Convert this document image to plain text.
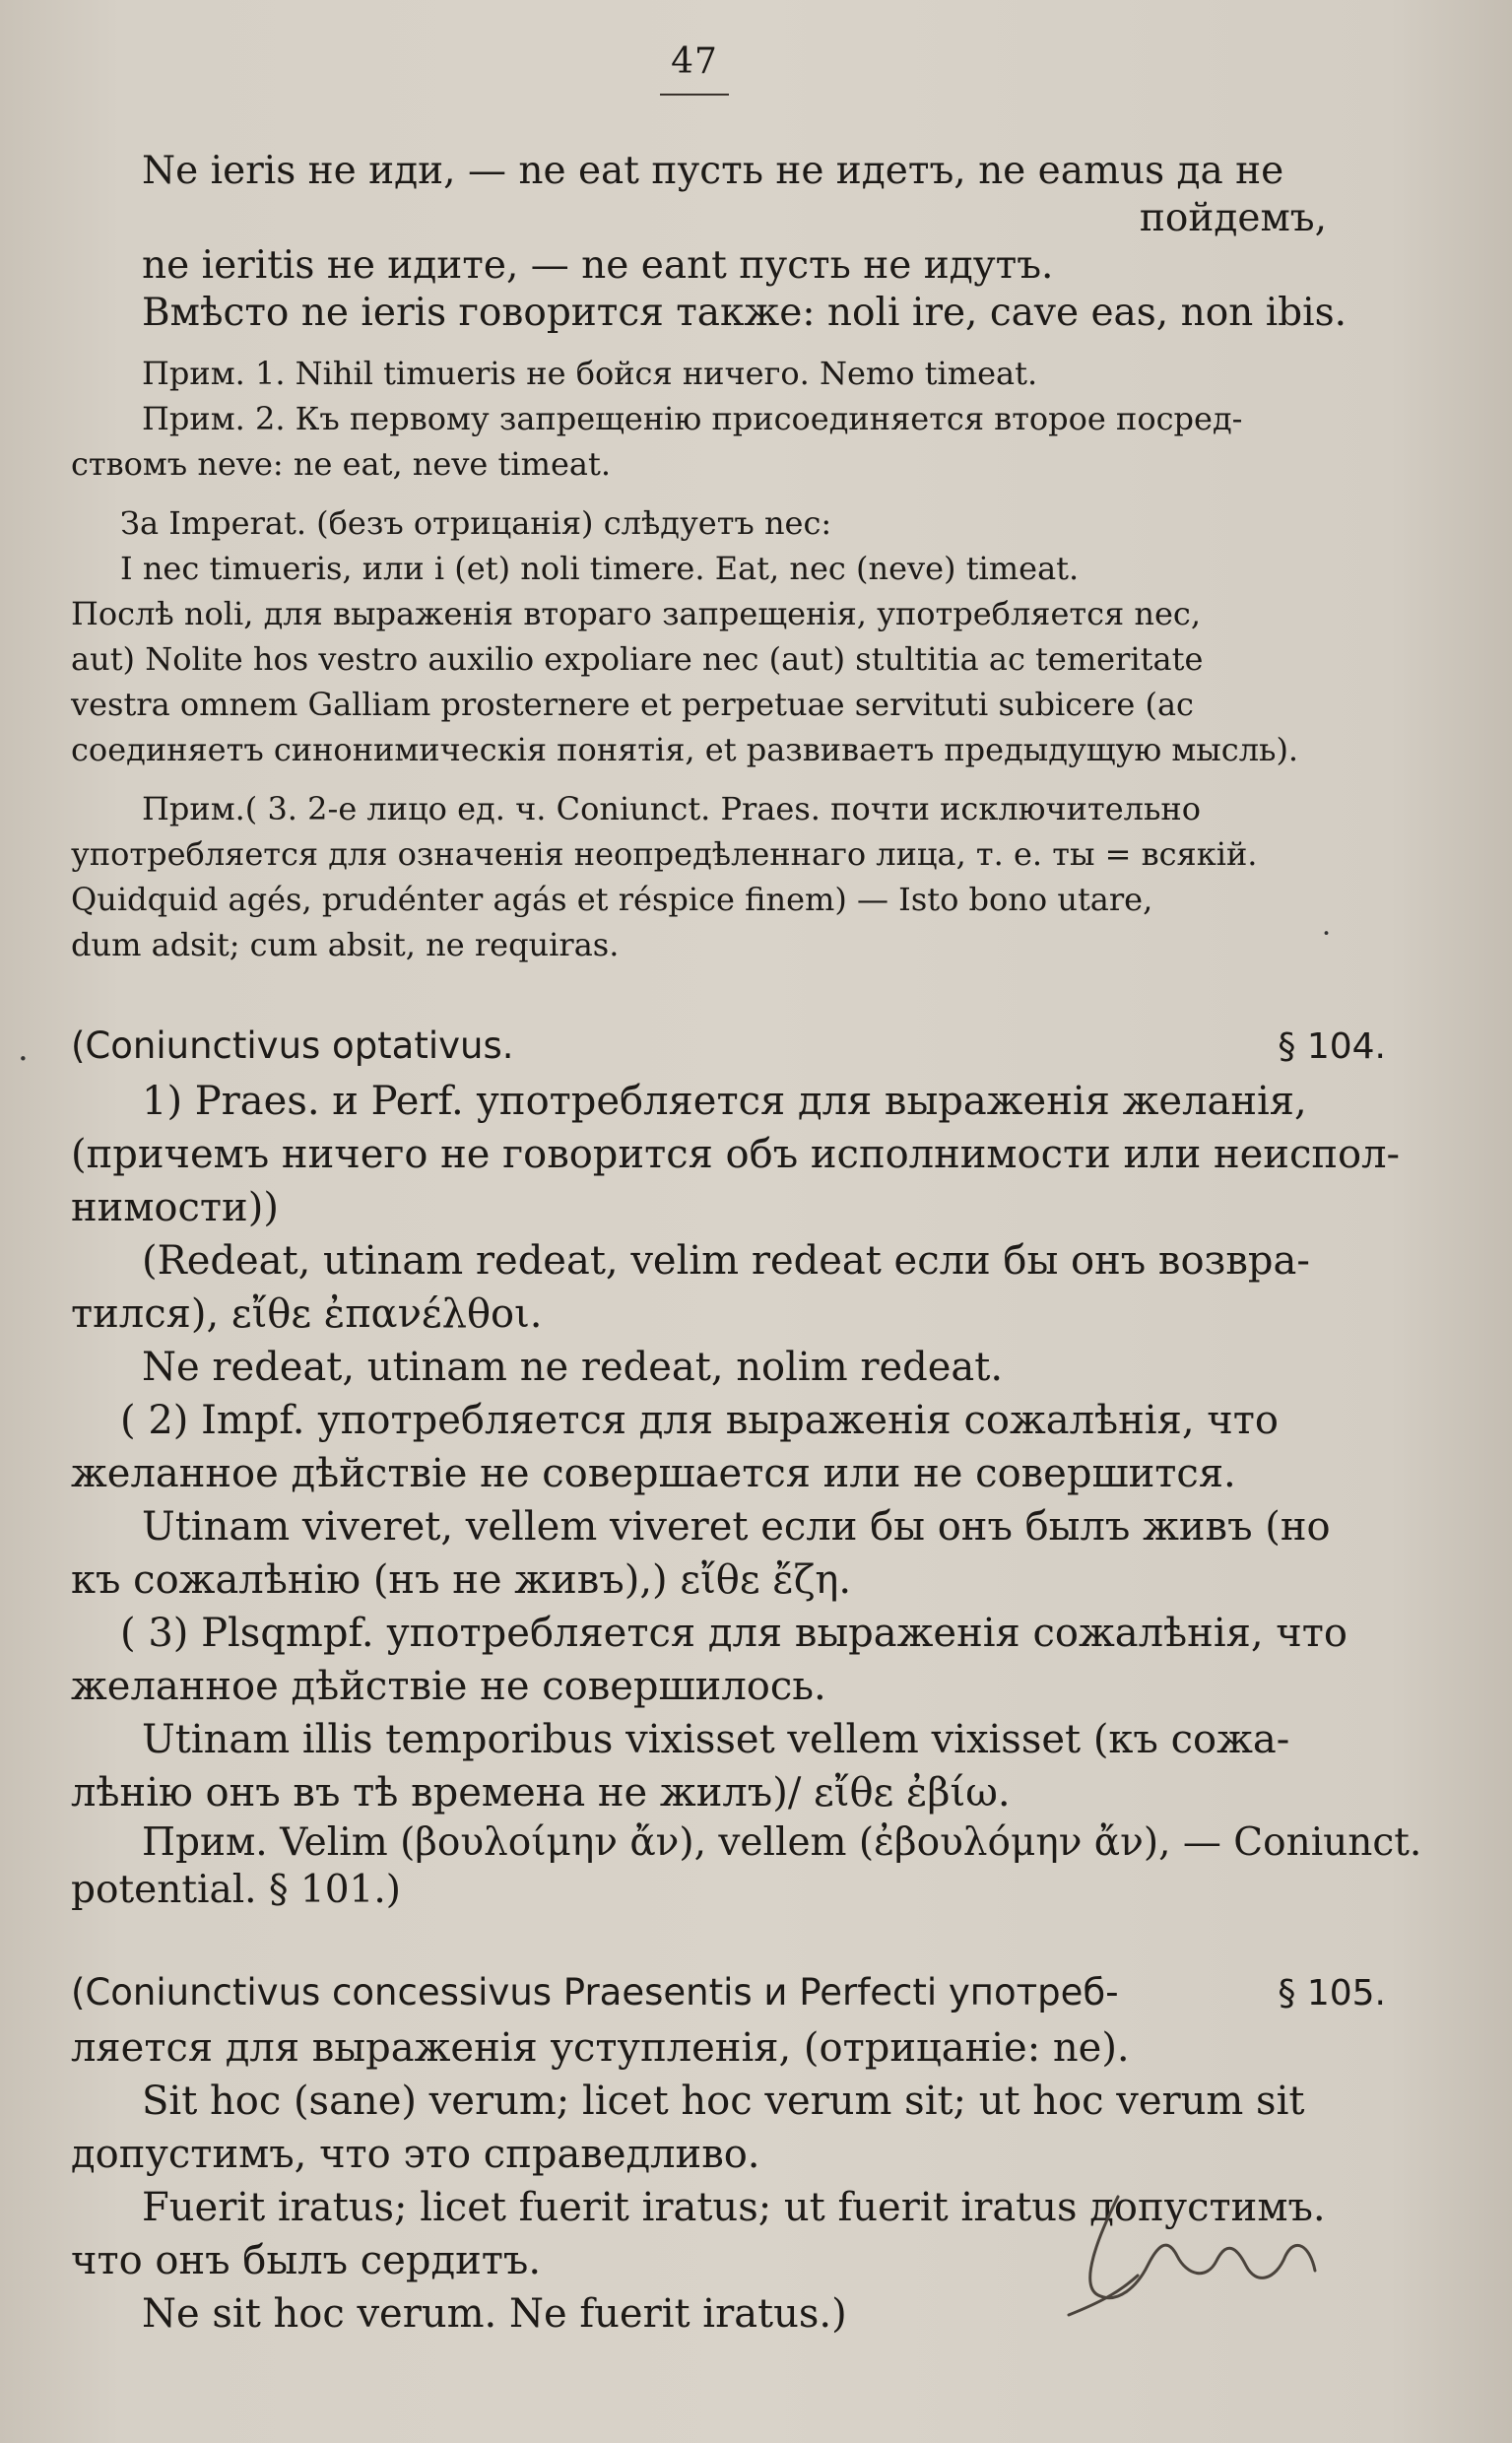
47

Ne ieris не иди, — ne eat пусть не идетъ, ne eamus да не

пойдемъ,

ne ieritis не идите, — ne eant пусть не идутъ.

Вмѣсто ne ieris говорится также: noli ire, cave eas, non ibis.

Прим. 1. Nihil timueris не бойся ничего. Nemo timeat.

Прим. 2. Къ первому запрещенію присоединяется второе посред-

ствомъ neve: ne eat, neve timeat.

За Imperat. (безъ отрицанія) слѣдуетъ nec:

I nec timueris, или i (et) noli timere. Eat, nec (neve) timeat.

Послѣ noli, для выраженія втораго запрещенія, употребляется nec,

aut) Nolite hos vestro auxilio expoliare nec (aut) stultitia ac temeritate

vestra omnem Galliam prosternere et perpetuae servituti subicere (ac

соединяетъ синонимическія понятія, et развиваетъ предыдущую мысль).

Прим.( 3. 2-е лицо ед. ч. Coniunct. Praes. почти исключительно

употребляется для означенія неопредѣленнаго лица, т. е. ты = всякій.

Quidquid agés, prudénter agás et réspice finem) — Isto bono utare,

dum adsit; cum absit, ne requiras.

(Coniunctivus optativus.	§ 104.

1) Praes. и Perf. употребляется для выраженія желанія,

(причемъ ничего не говорится объ исполнимости или неиспол-

нимости))

(Redeat, utinam redeat, velim redeat если бы онъ возвра-

тился), εἴθε ἐπανέλθοι.

Ne redeat, utinam ne redeat, nolim redeat.

( 2) Impf. употребляется для выраженія сожалѣнія, что

желанное дѣйствіе не совершается или не совершится.

Utinam viveret, vellem viveret если бы онъ былъ живъ (но

къ сожалѣнію (нъ не живъ),) εἴθε ἔζη.

( 3) Plsqmpf. употребляется для выраженія сожалѣнія, что

желанное дѣйствіе не совершилось.

Utinam illis temporibus vixisset vellem vixisset (къ сожа-

лѣнію онъ въ тѣ времена не жилъ)/ εἴθε ἐβίω.

Прим. Velim (βουλοίμην ἄν), vellem (ἐβουλόμην ἄν), — Coniunct.

potential. § 101.)

(Coniunctivus concessivus Praesentis и Perfecti употреб-	§ 105.

ляется для выраженія уступленія, (отрицаніе: ne).

Sit hoc (sane) verum; licet hoc verum sit; ut hoc verum sit

допустимъ, что это справедливо.

Fuerit iratus; licet fuerit iratus; ut fuerit iratus допустимъ.

что онъ былъ сердитъ.

Ne sit hoc verum. Ne fuerit iratus.)

˙
·
